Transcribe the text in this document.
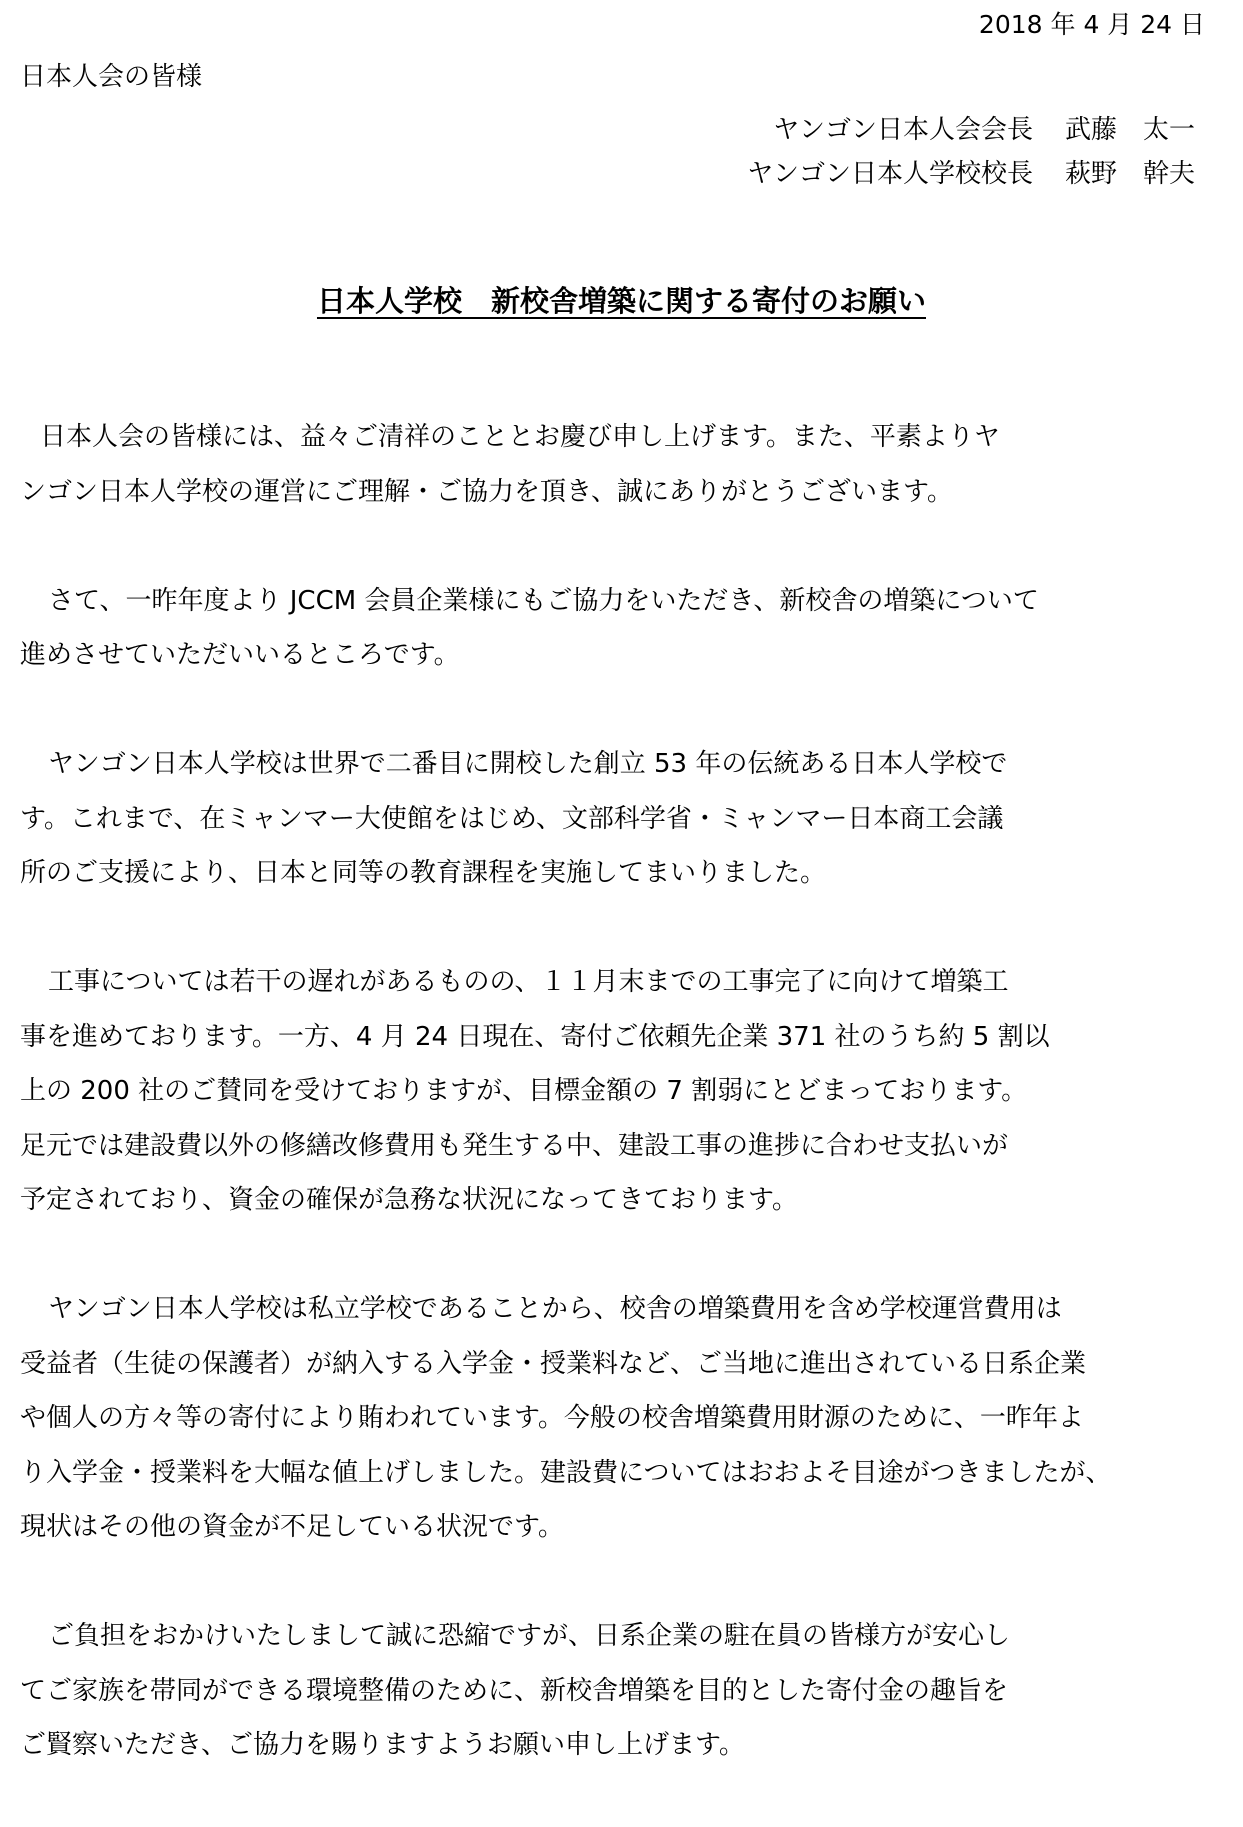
2018 年 4 月 24 日
日本人会の皆様
ヤンゴン日本人会会長 武藤　太一
ヤンゴン日本人学校校長 萩野　幹夫
日本人学校　新校舎増築に関する寄付のお願い
日本人会の皆様には、益々ご清祥のこととお慶び申し上げます。また、平素よりヤ
ンゴン日本人学校の運営にご理解・ご協力を頂き、誠にありがとうございます。
さて、一昨年度より JCCM 会員企業様にもご協力をいただき、新校舎の増築について
進めさせていただいいるところです。
ヤンゴン日本人学校は世界で二番目に開校した創立 53 年の伝統ある日本人学校で
す。これまで、在ミャンマー大使館をはじめ、文部科学省・ミャンマー日本商工会議
所のご支援により、日本と同等の教育課程を実施してまいりました。
工事については若干の遅れがあるものの、１１月末までの工事完了に向けて増築工
事を進めております。一方、4 月 24 日現在、寄付ご依頼先企業 371 社のうち約 5 割以
上の 200 社のご賛同を受けておりますが、目標金額の 7 割弱にとどまっております。
足元では建設費以外の修繕改修費用も発生する中、建設工事の進捗に合わせ支払いが
予定されており、資金の確保が急務な状況になってきております。
ヤンゴン日本人学校は私立学校であることから、校舎の増築費用を含め学校運営費用は
受益者（生徒の保護者）が納入する入学金・授業料など、ご当地に進出されている日系企業
や個人の方々等の寄付により賄われています。今般の校舎増築費用財源のために、一昨年よ
り入学金・授業料を大幅な値上げしました。建設費についてはおおよそ目途がつきましたが、
現状はその他の資金が不足している状況です。
ご負担をおかけいたしまして誠に恐縮ですが、日系企業の駐在員の皆様方が安心し
てご家族を帯同ができる環境整備のために、新校舎増築を目的とした寄付金の趣旨を
ご賢察いただき、ご協力を賜りますようお願い申し上げます。
